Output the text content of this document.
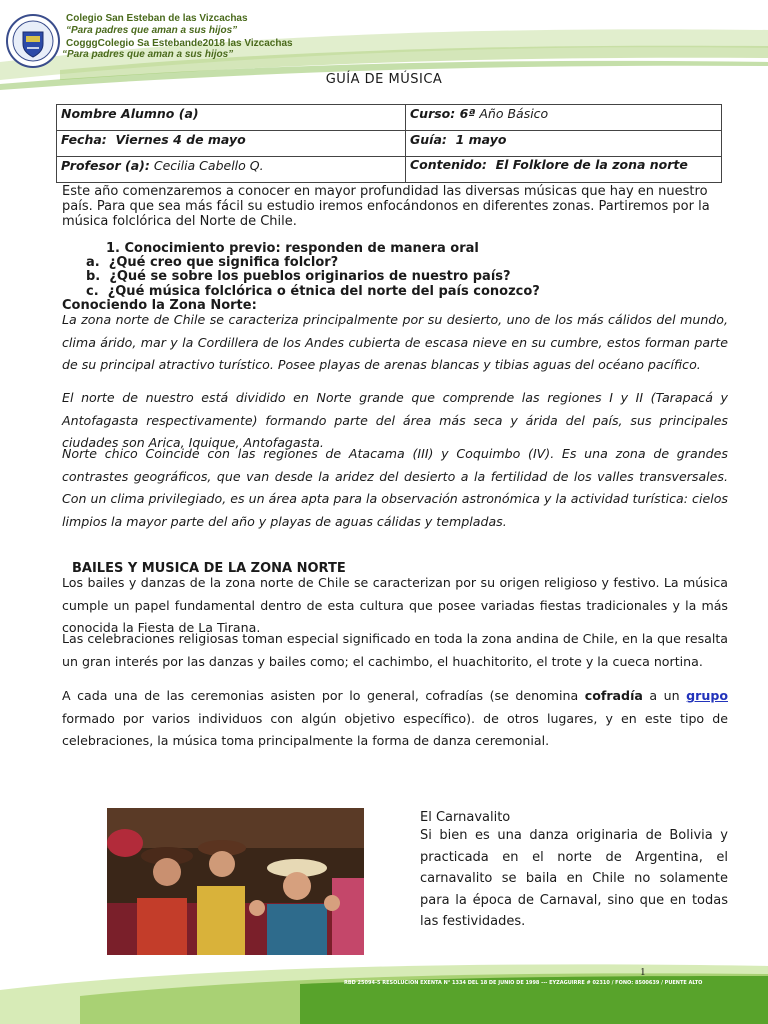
Colegio San Esteban de las Vizcachas
“Para padres que aman a sus hijos”
CogggColegio Sa Estebande2018 las Vizcachas
“Para padres que aman a sus hijos”
GUÍA DE MÚSICA
Nombre Alumno (a)	Curso: 6ª Año Básico
Fecha: Viernes 4 de mayo	Guía: 1 mayo
Profesor (a): Cecilia Cabello Q.	Contenido: El Folklore de la zona norte
Este año comenzaremos a conocer en mayor profundidad las diversas músicas que hay en nuestro país. Para que sea más fácil su estudio iremos enfocándonos en diferentes zonas. Partiremos por la música folclórica del Norte de Chile.
1. Conocimiento previo: responden de manera oral
a. ¿Qué creo que significa folclor?
b. ¿Qué se sobre los pueblos originarios de nuestro país?
c. ¿Qué música folclórica o étnica del norte del país conozco?
Conociendo la Zona Norte:
La zona norte de Chile se caracteriza principalmente por su desierto, uno de los más cálidos del mundo, clima árido, mar y la Cordillera de los Andes cubierta de escasa nieve en su cumbre, estos forman parte de su principal atractivo turístico. Posee playas de arenas blancas y tibias aguas del océano pacífico.
El norte de nuestro está dividido en Norte grande que comprende las regiones I y II (Tarapacá y Antofagasta respectivamente) formando parte del área más seca y árida del país, sus principales ciudades son Arica, Iquique, Antofagasta.
Norte chico Coincide con las regiones de Atacama (III) y Coquimbo (IV). Es una zona de grandes contrastes geográficos, que van desde la aridez del desierto a la fertilidad de los valles transversales. Con un clima privilegiado, es un área apta para la observación astronómica y la actividad turística: cielos limpios la mayor parte del año y playas de aguas cálidas y templadas.
BAILES Y MUSICA DE LA ZONA NORTE
Los bailes y danzas de la zona norte de Chile se caracterizan por su origen religioso y festivo. La música cumple un papel fundamental dentro de esta cultura que posee variadas fiestas tradicionales y la más conocida la Fiesta de La Tirana.
Las celebraciones religiosas toman especial significado en toda la zona andina de Chile, en la que resalta un gran interés por las danzas y bailes como; el cachimbo, el huachitorito, el trote y la cueca nortina.
A cada una de las ceremonias asisten por lo general, cofradías (se denomina cofradía a un grupo formado por varios individuos con algún objetivo específico). de otros lugares, y en este tipo de celebraciones, la música toma principalmente la forma de danza ceremonial.
El Carnavalito
Si bien es una danza originaria de Bolivia y practicada en el norte de Argentina, el carnavalito se baila en Chile no solamente para la época de Carnaval, sino que en todas las festividades.
1
RBD 25094-5 RESOLUCION EXENTA N° 1334 DEL 18 DE JUNIO DE 1998 --- EYZAGUIRRE # 02310 / FONO: 8500639 / PUENTE ALTO
